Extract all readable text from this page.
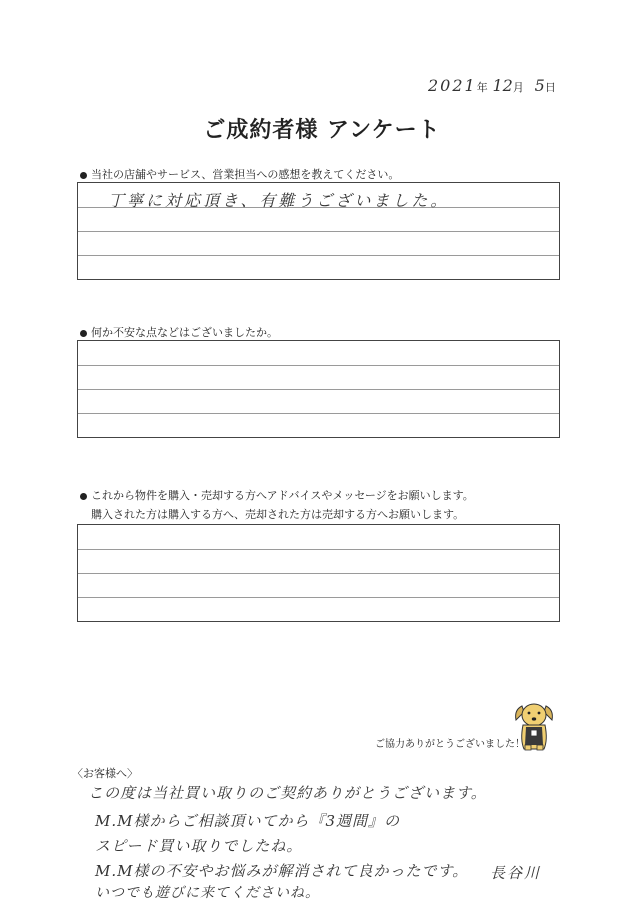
2021年 12月 5日
ご成約者様 アンケート
当社の店舗やサービス、営業担当への感想を教えてください。
丁寧に対応頂き、有難うございました。
何か不安な点などはございましたか。
これから物件を購入・売却する方へアドバイスやメッセージをお願いします。
購入された方は購入する方へ、売却された方は売却する方へお願いします。
ご協力ありがとうございました！
〈お客様へ〉
この度は当社買い取りのご契約ありがとうございます。
M.M様からご相談頂いてから『3週間』の
スピード買い取りでしたね。
M.M様の不安やお悩みが解消されて良かったです。
いつでも遊びに来てくださいね。
長谷川
